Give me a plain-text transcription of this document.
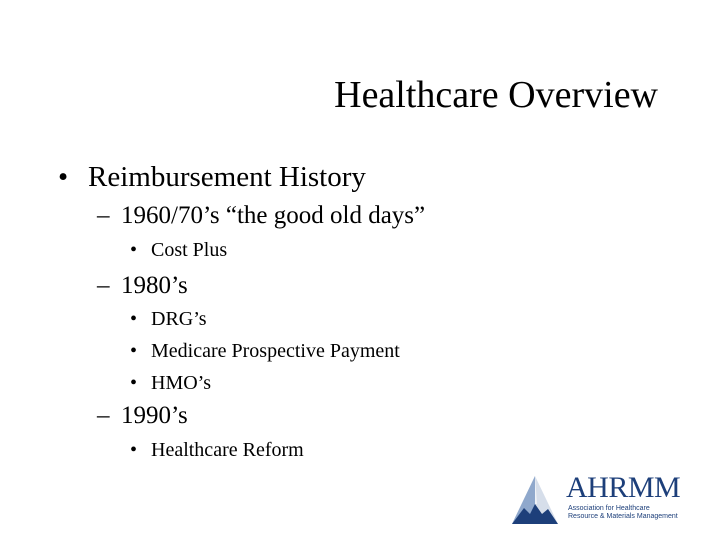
Healthcare Overview
• Reimbursement History
– 1960/70’s “the good old days”
• Cost Plus
– 1980’s
• DRG’s
• Medicare Prospective Payment
• HMO’s
– 1990’s
• Healthcare Reform
AHRMM
Association for Healthcare
Resource & Materials Management
